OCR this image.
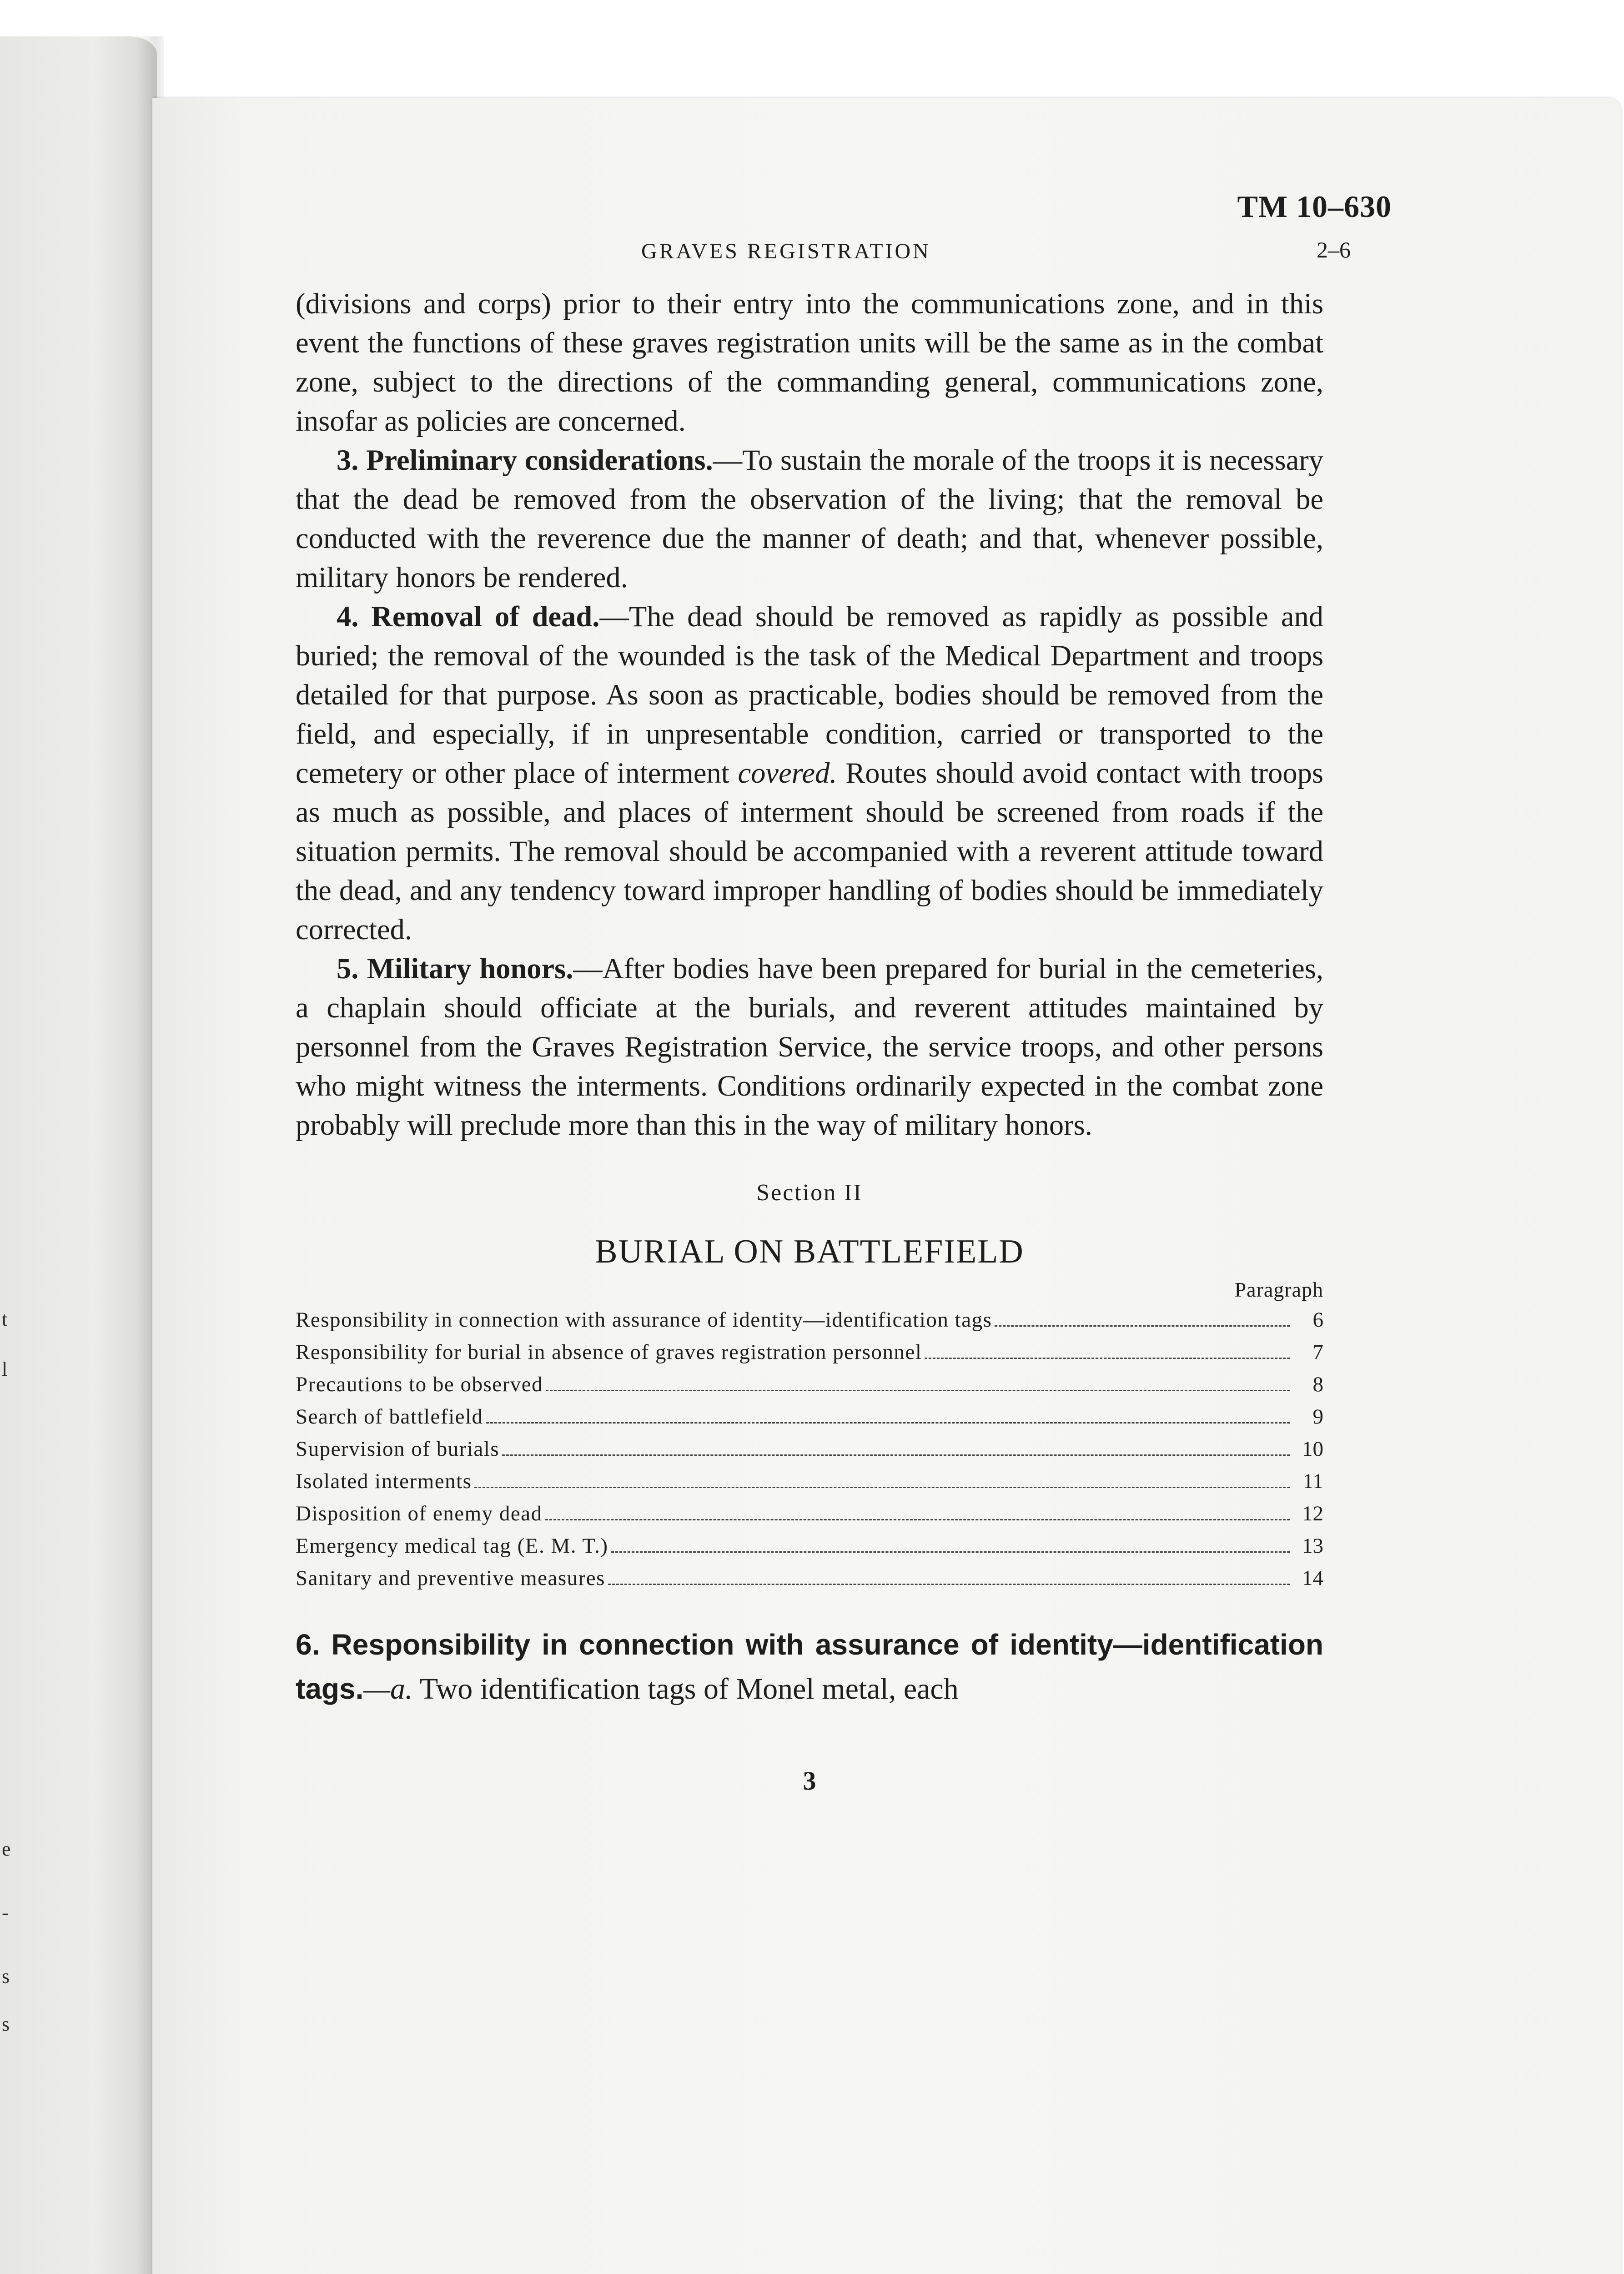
t
l
e
-
s
s
TM 10–630
GRAVES REGISTRATION	2–6

(divisions and corps) prior to their entry into the communications zone, and in this event the functions of these graves registration units will be the same as in the combat zone, subject to the directions of the commanding general, communications zone, insofar as policies are concerned.

3. Preliminary considerations.—To sustain the morale of the troops it is necessary that the dead be removed from the observation of the living; that the removal be conducted with the reverence due the manner of death; and that, whenever possible, military honors be rendered.

4. Removal of dead.—The dead should be removed as rapidly as possible and buried; the removal of the wounded is the task of the Medical Department and troops detailed for that purpose. As soon as practicable, bodies should be removed from the field, and especially, if in unpresentable condition, carried or transported to the cemetery or other place of interment covered. Routes should avoid contact with troops as much as possible, and places of interment should be screened from roads if the situation permits. The removal should be accompanied with a reverent attitude toward the dead, and any tendency toward improper handling of bodies should be immediately corrected.

5. Military honors.—After bodies have been prepared for burial in the cemeteries, a chaplain should officiate at the burials, and reverent attitudes maintained by personnel from the Graves Registration Service, the service troops, and other persons who might witness the interments. Conditions ordinarily expected in the combat zone probably will preclude more than this in the way of military honors.

Section II
BURIAL ON BATTLEFIELD
Paragraph
Responsibility in connection with assurance of identity—identification tags	6
Responsibility for burial in absence of graves registration personnel	7
Precautions to be observed	8
Search of battlefield	9
Supervision of burials	10
Isolated interments	11
Disposition of enemy dead	12
Emergency medical tag (E. M. T.)	13
Sanitary and preventive measures	14
6. Responsibility in connection with assurance of identity—identification tags.—a. Two identification tags of Monel metal, each
3
